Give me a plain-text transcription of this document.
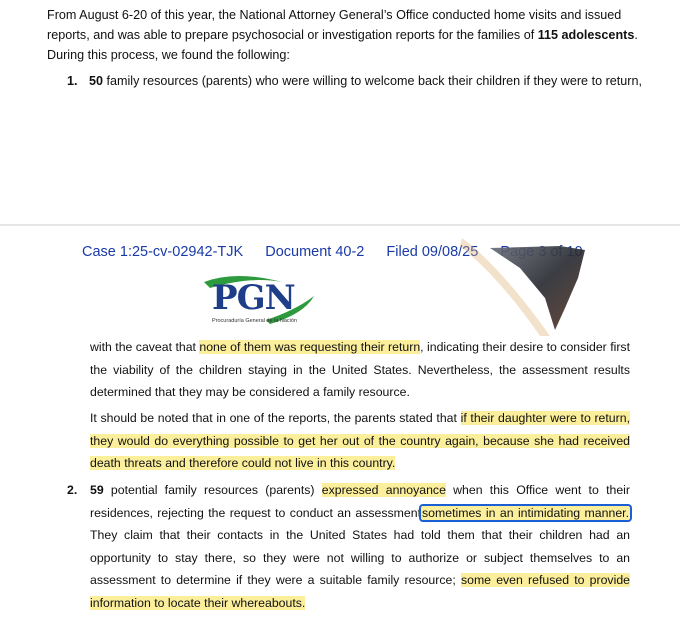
From August 6-20 of this year, the National Attorney General’s Office conducted home visits and issued reports, and was able to prepare psychosocial or investigation reports for the families of 115 adolescents. During this process, we found the following:
1. 50 family resources (parents) who were willing to welcome back their children if they were to return,
Case 1:25-cv-02942-TJK Document 40-2 Filed 09/08/25
PGN
Procuraduría General de la Nación
with the caveat that none of them was requesting their return, indicating their desire to consider first the viability of the children staying in the United States. Nevertheless, the assessment results determined that they may be considered a family resource.
It should be noted that in one of the reports, the parents stated that if their daughter were to return, they would do everything possible to get her out of the country again, because she had received death threats and therefore could not live in this country.
2. 59 potential family resources (parents) expressed annoyance when this Office went to their residences, rejecting the request to conduct an assessmentsometimes in an intimidating manner. They claim that their contacts in the United States had told them that their children had an opportunity to stay there, so they were not willing to authorize or subject themselves to an assessment to determine if they were a suitable family resource; some even refused to provide information to locate their whereabouts.
